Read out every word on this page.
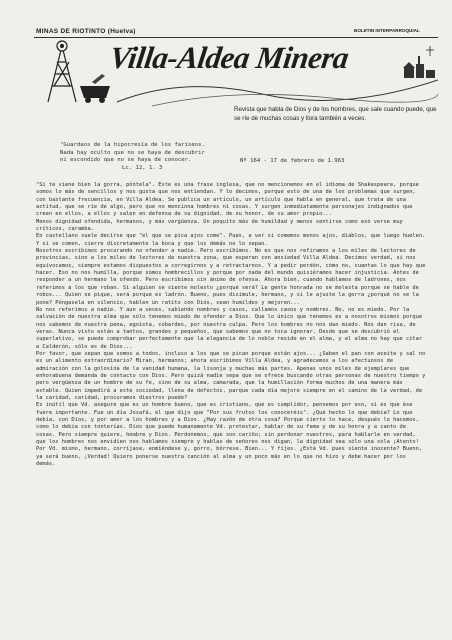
MINAS DE RIOTINTO (Huelva)	BOLETIN INTERPARROQUIAL
Villa-Aldea Minera
Revista que habla de Dios y de los hombres, que sale cuando puede, que se ríe de muchas cosas y llora también a veces.
"Guardaos de la hipocresía de los fariseos.
Nada hay oculto que no se haya de descubrir
ni escondido que no se haya de conocer.
Lc. 12, 1. 3
Nº 164 - 17 de febrero de 1.963

"Si te viene bien la gorra, póntela". Este es una frase inglesa, que no mencionemos en el idioma de Shakespeare, porque somos lo más de sencillos y nos gusta que nos entiendan. Y lo decimos, porque esto de una de los problemas que surgen, con bastante frecuencia, en Villa Aldea. Se publica un artículo, un artículo que habla en general, que trata de una actitud, que se ríe de algo, pero que no menciona hombres ni cosas. Y surgen inmediatamente personajes indignados que creen en ellos, a ellos y salen en defensa de su dignidad, de su honor, de su amor propio...

Menos dignidad ofendida, hermanos, y más vergüenza. Un poquito más de humildad y menos sentirse como eso verse muy críticos, caramba.

En castellano suele decirse que "el que se pica ajos come". Pues, a ver si comemos menos ajos, diablos, que luego huelen. Y si se comen, cierre discretamente la boca y que los demás no lo sepan.

Nosotros escribimos procurando no ofender a nadie. Pero escribimos. No es que nos refiramos a los miles de lectores de provincias, sino a los miles de lectores de nuestra zona, que esperan con ansiedad Villa Aldea. Decimos verdad, si nos equivocamos, siempre estamos dispuestos a corregirnos y a retractarnos. Y a pedir perdón, cómo no, cuantas lo que hay que hacer. Eso no nos humilla, porque somos hombrecillos y porque por nada del mundo quisiéramos hacer injusticia. Antes de responder a un hermano le ofendo. Pero escribimos sin ánimo de ofensa. Ahora bien, cuando hablamos de ladrones, nos referimos a los que roban. Si alguien se siente molesto ¿porqué será? Le gente honrada no se molesta porque se hable de robos... Quien se pique, será porque es ladrón. Bueno, pues disimule, hermano, y si le ajuste la gorra ¿porqué no se la pone? Póngasela en silencio, hablen un ratito con Dios, sean humildes y mejoren...

No nos referimos a nadie. Y aun a veces, sabiendo nombres y casos, callamos casos y nombres. No, no es miedo. Por la salvación de nuestra alma que sólo tenemos miedo de ofender a Dios. Que lo único que tenemos es a nosotros mismos porque nos sabemos de nuestra pena, egoísta, cobardes, por nuestra culpa. Pero los hombres no nos dan miedo. Nos dan risa, de veras. Nunca visto están a tantos, grandes y pequeños, que sabemos que no toca ignorar. Desde que se descubrió el superlativo, se puede comprobar perfectamente que la elegancia de lo noble reside en el alma, y el alma no hay que citar a Calderón, sólo es de Dios...

Por favor, que sepan que somos a todos, incluso a los que se pican porque están ajos... ¿Saben el pan con aceite y sal no es un alimento extraordinario? Miran, hermanos; ahora escribimos Villa Aldea, y agradecemos a los afectuosos de admiración con la golosina de la vanidad humana, la lisonja y muchas más partes. Apenas unos miles de ejemplares que enhorabuena demanda de contacto con Dios. Pero quizá nadie sepa que se ofrece buscando otras personas de nuestro tiempo y pero vergüenza de un hombre de su fe, sino de su alma, camarada, que la humillación forma muchos de una manera más estable. Quien impedirá a este sociedad, llena de defectos, parque cada día mejore siempre en el camino de la verdad, de la caridad, caridad, procuramos diestros puede?

Es inútil que Vd. asegure que es un hombre bueno, que es cristiano, que es cumplidor, pensemos por eso, si es que ése fuere importante. Fue un día Josafá, el que dijo que "Por sus frutos los conoceréis". ¿Qué hecho lo que debía? Lo que debía, con Dios, y por amor a los hombres y a Dios. ¿Hay razón de otra cosa? Porque cierto lo hace, después lo hacemos, como lo debía con tonterías. Dios que puede humanamente Vd. protestar, hablar de su fama y de su honra y a canto de cosas. Pero siempre quiere, hombre y Dios. Perdonemos, que son cariño; sin perdonar nuestros, para hablarle en verdad, que los hombres nos envidien nos hablamos siempre y hablas de señores nos digan, la dignidad sea sólo una sola ¡Atento!

Por Vd. mismo, hermano, corríjase, enmiéndese y, gorro, bórrese. Bien... Y fijes. ¿Está Vd. pues siente inocente? Bueno, ya será bueno, ¡Verdad! Quiero ponerse nuestra canción al alma y un poco más en lo que no hizo y debe hacer por los demás.
